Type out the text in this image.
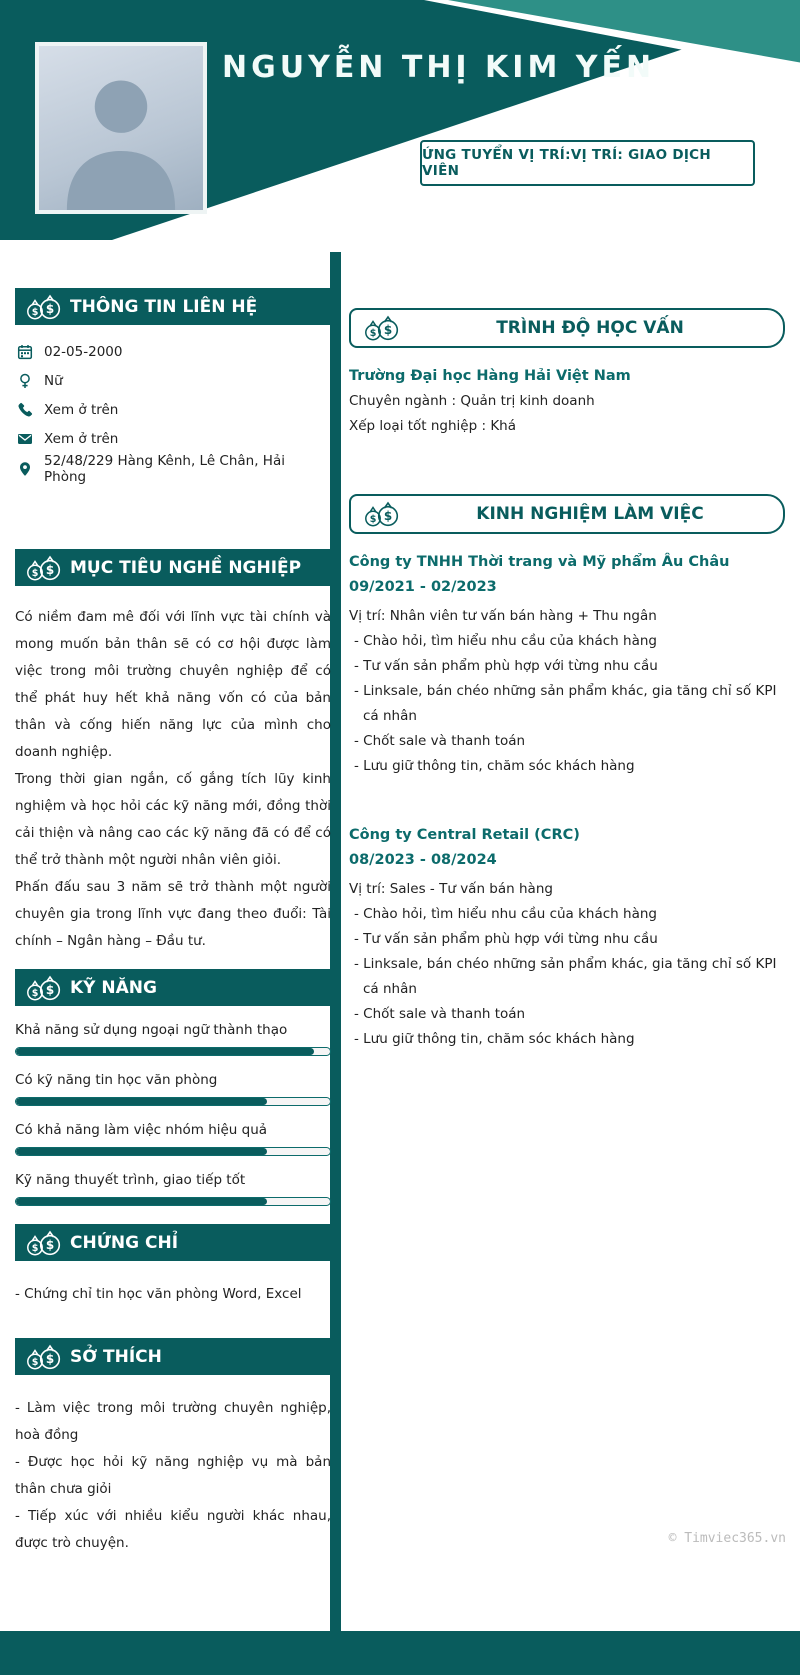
NGUYỄN THỊ KIM YẾN
ỨNG TUYỂN VỊ TRÍ:VỊ TRÍ: GIAO DỊCH VIÊN
THÔNG TIN LIÊN HỆ
02-05-2000
Nữ
Xem ở trên
Xem ở trên
52/48/229 Hàng Kênh, Lê Chân, Hải Phòng
MỤC TIÊU NGHỀ NGHIỆP

Có niềm đam mê đối với lĩnh vực tài chính và mong muốn bản thân sẽ có cơ hội được làm việc trong môi trường chuyên nghiệp để có thể phát huy hết khả năng vốn có của bản thân và cống hiến năng lực của mình cho doanh nghiệp.

Trong thời gian ngắn, cố gắng tích lũy kinh nghiệm và học hỏi các kỹ năng mới, đồng thời cải thiện và nâng cao các kỹ năng đã có để có thể trở thành một người nhân viên giỏi.

Phấn đấu sau 3 năm sẽ trở thành một người chuyên gia trong lĩnh vực đang theo đuổi: Tài chính – Ngân hàng – Đầu tư.

KỸ NĂNG
Khả năng sử dụng ngoại ngữ thành thạo
Có kỹ năng tin học văn phòng
Có khả năng làm việc nhóm hiệu quả
Kỹ năng thuyết trình, giao tiếp tốt
CHỨNG CHỈ
- Chứng chỉ tin học văn phòng Word, Excel
SỞ THÍCH
- Làm việc trong môi trường chuyên nghiệp, hoà đồng
- Được học hỏi kỹ năng nghiệp vụ mà bản thân chưa giỏi
- Tiếp xúc với nhiều kiểu người khác nhau, được trò chuyện.
TRÌNH ĐỘ HỌC VẤN
Trường Đại học Hàng Hải Việt Nam
Chuyên ngành : Quản trị kinh doanh
Xếp loại tốt nghiệp : Khá
KINH NGHIỆM LÀM VIỆC
Công ty TNHH Thời trang và Mỹ phẩm Âu Châu
09/2021 - 02/2023
Vị trí: Nhân viên tư vấn bán hàng + Thu ngân
- Chào hỏi, tìm hiểu nhu cầu của khách hàng
- Tư vấn sản phẩm phù hợp với từng nhu cầu
- Linksale, bán chéo những sản phẩm khác, gia tăng chỉ số KPI cá nhân
- Chốt sale và thanh toán
- Lưu giữ thông tin, chăm sóc khách hàng
Công ty Central Retail (CRC)
08/2023 - 08/2024
Vị trí: Sales - Tư vấn bán hàng
- Chào hỏi, tìm hiểu nhu cầu của khách hàng
- Tư vấn sản phẩm phù hợp với từng nhu cầu
- Linksale, bán chéo những sản phẩm khác, gia tăng chỉ số KPI cá nhân
- Chốt sale và thanh toán
- Lưu giữ thông tin, chăm sóc khách hàng
© Timviec365.vn
